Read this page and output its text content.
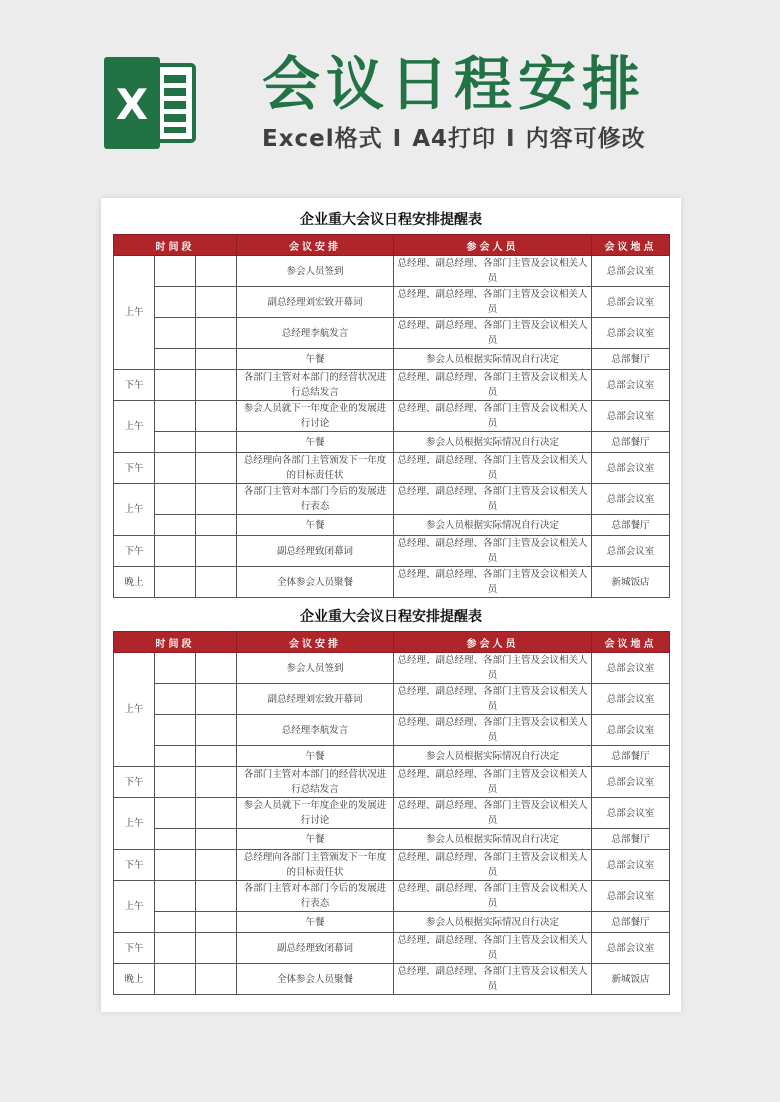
X 会议日程安排
Excel格式 I A4打印 I 内容可修改
企业重大会议日程安排提醒表
时间段			会议安排	参会人员	会议地点
上午			参会人员签到	总经理、副总经理、各部门主管及会议相关人员	总部会议室
			副总经理刘宏致开幕词	总经理、副总经理、各部门主管及会议相关人员	总部会议室
			总经理李航发言	总经理、副总经理、各部门主管及会议相关人员	总部会议室
			午餐	参会人员根据实际情况自行决定	总部餐厅
下午			各部门主管对本部门的经营状况进行总结发言	总经理、副总经理、各部门主管及会议相关人员	总部会议室
上午			参会人员就下一年度企业的发展进行讨论	总经理、副总经理、各部门主管及会议相关人员	总部会议室
			午餐	参会人员根据实际情况自行决定	总部餐厅
下午			总经理向各部门主管颁发下一年度的目标责任状	总经理、副总经理、各部门主管及会议相关人员	总部会议室
上午			各部门主管对本部门今后的发展进行表态	总经理、副总经理、各部门主管及会议相关人员	总部会议室
			午餐	参会人员根据实际情况自行决定	总部餐厅
下午			副总经理致闭幕词	总经理、副总经理、各部门主管及会议相关人员	总部会议室
晚上			全体参会人员聚餐	总经理、副总经理、各部门主管及会议相关人员	新城饭店
企业重大会议日程安排提醒表
时间段			会议安排	参会人员	会议地点
上午			参会人员签到	总经理、副总经理、各部门主管及会议相关人员	总部会议室
			副总经理刘宏致开幕词	总经理、副总经理、各部门主管及会议相关人员	总部会议室
			总经理李航发言	总经理、副总经理、各部门主管及会议相关人员	总部会议室
			午餐	参会人员根据实际情况自行决定	总部餐厅
下午			各部门主管对本部门的经营状况进行总结发言	总经理、副总经理、各部门主管及会议相关人员	总部会议室
上午			参会人员就下一年度企业的发展进行讨论	总经理、副总经理、各部门主管及会议相关人员	总部会议室
			午餐	参会人员根据实际情况自行决定	总部餐厅
下午			总经理向各部门主管颁发下一年度的目标责任状	总经理、副总经理、各部门主管及会议相关人员	总部会议室
上午			各部门主管对本部门今后的发展进行表态	总经理、副总经理、各部门主管及会议相关人员	总部会议室
			午餐	参会人员根据实际情况自行决定	总部餐厅
下午			副总经理致闭幕词	总经理、副总经理、各部门主管及会议相关人员	总部会议室
晚上			全体参会人员聚餐	总经理、副总经理、各部门主管及会议相关人员	新城饭店
